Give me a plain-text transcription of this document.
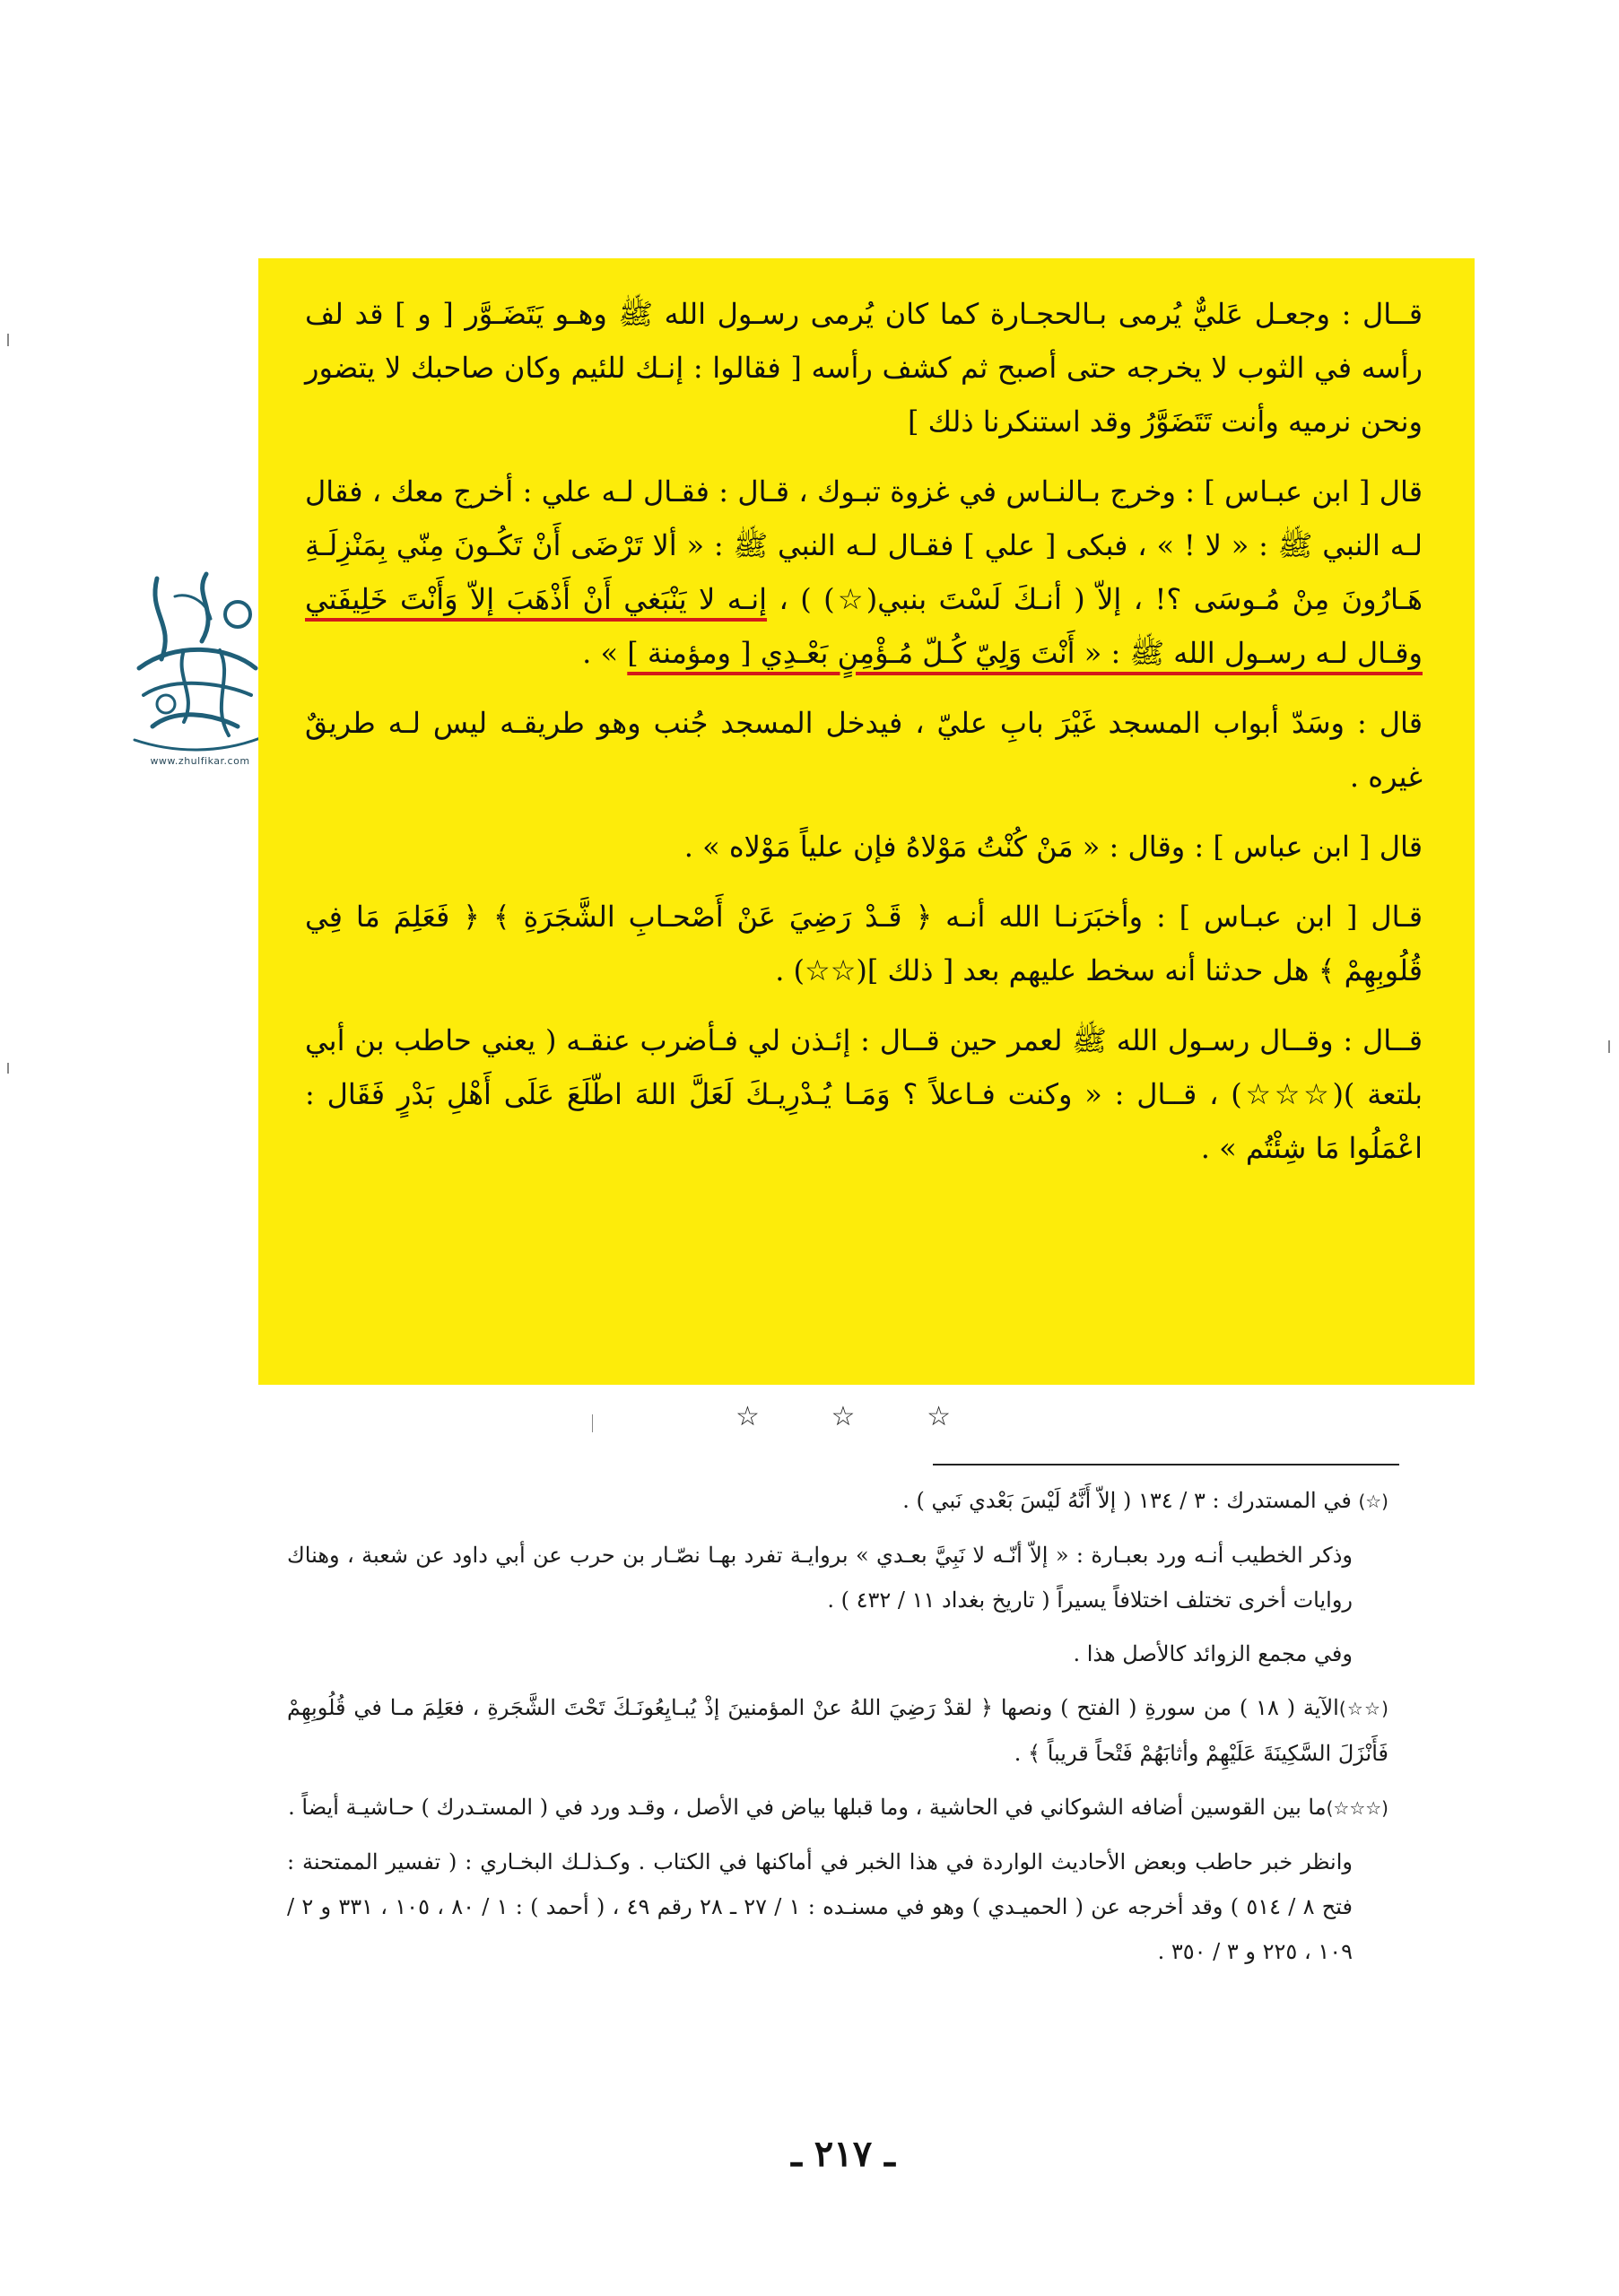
www.zhulfikar.com

قــال : وجعـل عَليٌّ يُرمى بـالحجـارة كما كان يُرمى رسـول الله ﷺ وهـو يَتَضَـوَّر [ و ] قد لف رأسه في الثوب لا يخرجه حتى أصبح ثم كشف رأسه [ فقالوا : إنـك للئيم وكان صاحبك لا يتضور ونحن نرميه وأنت تَتَضَوَّرُ وقد استنكرنا ذلك ]

قال [ ابن عبـاس ] : وخرج بـالنـاس في غزوة تبـوك ، قـال : فقـال لـه علي : أخرج معك ، فقال لـه النبي ﷺ : « لا ! » ، فبكى [ علي ] فقـال لـه النبي ﷺ : « ألا تَرْضَى أَنْ تَكُـونَ مِنّي بِمَنْزِلَـةِ هَـارُونَ مِنْ مُـوسَى ؟! ، إلاّ ( أنـكَ لَسْتَ بنبي(☆) ) ، إنـه لا يَنْبَغي أَنْ أَذْهَبَ إلاّ وَأَنْتَ خَلِيفَتي وقـال لـه رسـول الله ﷺ : « أَنْتَ وَلِيّ كُـلّ مُـؤْمِنٍ بَعْـدِي [ ومؤمنة ] » .

قال : وسَدّ أبواب المسجد غَيْرَ بابِ عليّ ، فيدخل المسجد جُنب وهو طريقـه ليس لـه طريقٌ غيره .

قال [ ابن عباس ] : وقال : « مَنْ كُنْتُ مَوْلاهُ فإن علياً مَوْلاه » .

قـال [ ابن عبـاس ] : وأخبَرَنـا الله أنـه ﴿ قَـدْ رَضِيَ عَنْ أَصْحـابِ الشَّجَرَةِ ﴾ ﴿ فَعَلِمَ مَا فِي قُلُوبِهِمْ ﴾ هل حدثنا أنه سخط عليهم بعد [ ذلك ](☆☆) .

قــال : وقــال رسـول الله ﷺ لعمر حين قــال : إئـذن لي فـأضرب عنقـه ( يعني حاطب بن أبي بلتعة )(☆☆☆) ، قــال : « وكنت فـاعلاً ؟ وَمَـا يُـدْرِيـكَ لَعَلَّ اللهَ اطّلَعَ عَلَى أَهْلِ بَدْرٍ فَقَال : اعْمَلُوا مَا شِئْتُم » .

☆	☆	☆

(☆) في المستدرك : ٣ / ١٣٤ ( إلاّ أَنَّهُ لَيْسَ بَعْدي نَبي ) .

وذكر الخطيب أنـه ورد بعبـارة : « إلاّ أنّـه لا نَبِيَّ بعـدي » بروايـة تفرد بهـا نصّـار بن حرب عن أبي داود عن شعبة ، وهناك روايات أخرى تختلف اختلافاً يسيراً ( تاريخ بغداد ١١ / ٤٣٢ ) .

وفي مجمع الزوائد كالأصل هذا .

(☆☆)الآية ( ١٨ ) من سورةِ ( الفتح ) ونصها ﴿ لقدْ رَضِيَ اللهُ عنْ المؤمنينَ إذْ يُبـايِعُونَـكَ تَحْتَ الشَّجَرةِ ، فعَلِمَ مـا في قُلُوبِهِمْ فَأَنْزَلَ السَّكِينَةَ عَلَيْهِمْ وأثابَهُمْ فَتْحاً قريباً ﴾ .

(☆☆☆)ما بين القوسين أضافه الشوكاني في الحاشية ، وما قبلها بياض في الأصل ، وقـد ورد في ( المستـدرك ) حـاشيـة أيضاً .

وانظر خبر حاطب وبعض الأحاديث الواردة في هذا الخبر في أماكنها في الكتاب . وكـذلـك البخـاري : ( تفسير الممتحنة : فتح ٨ / ٥١٤ ) وقد أخرجه عن ( الحميـدي ) وهو في مسنـده : ١ / ٢٧ ـ ٢٨ رقم ٤٩ ، ( أحمد ) : ١ / ٨٠ ، ١٠٥ ، ٣٣١ و ٢ / ١٠٩ ، ٢٢٥ و ٣ / ٣٥٠ .

ـ ٢١٧ ـ
